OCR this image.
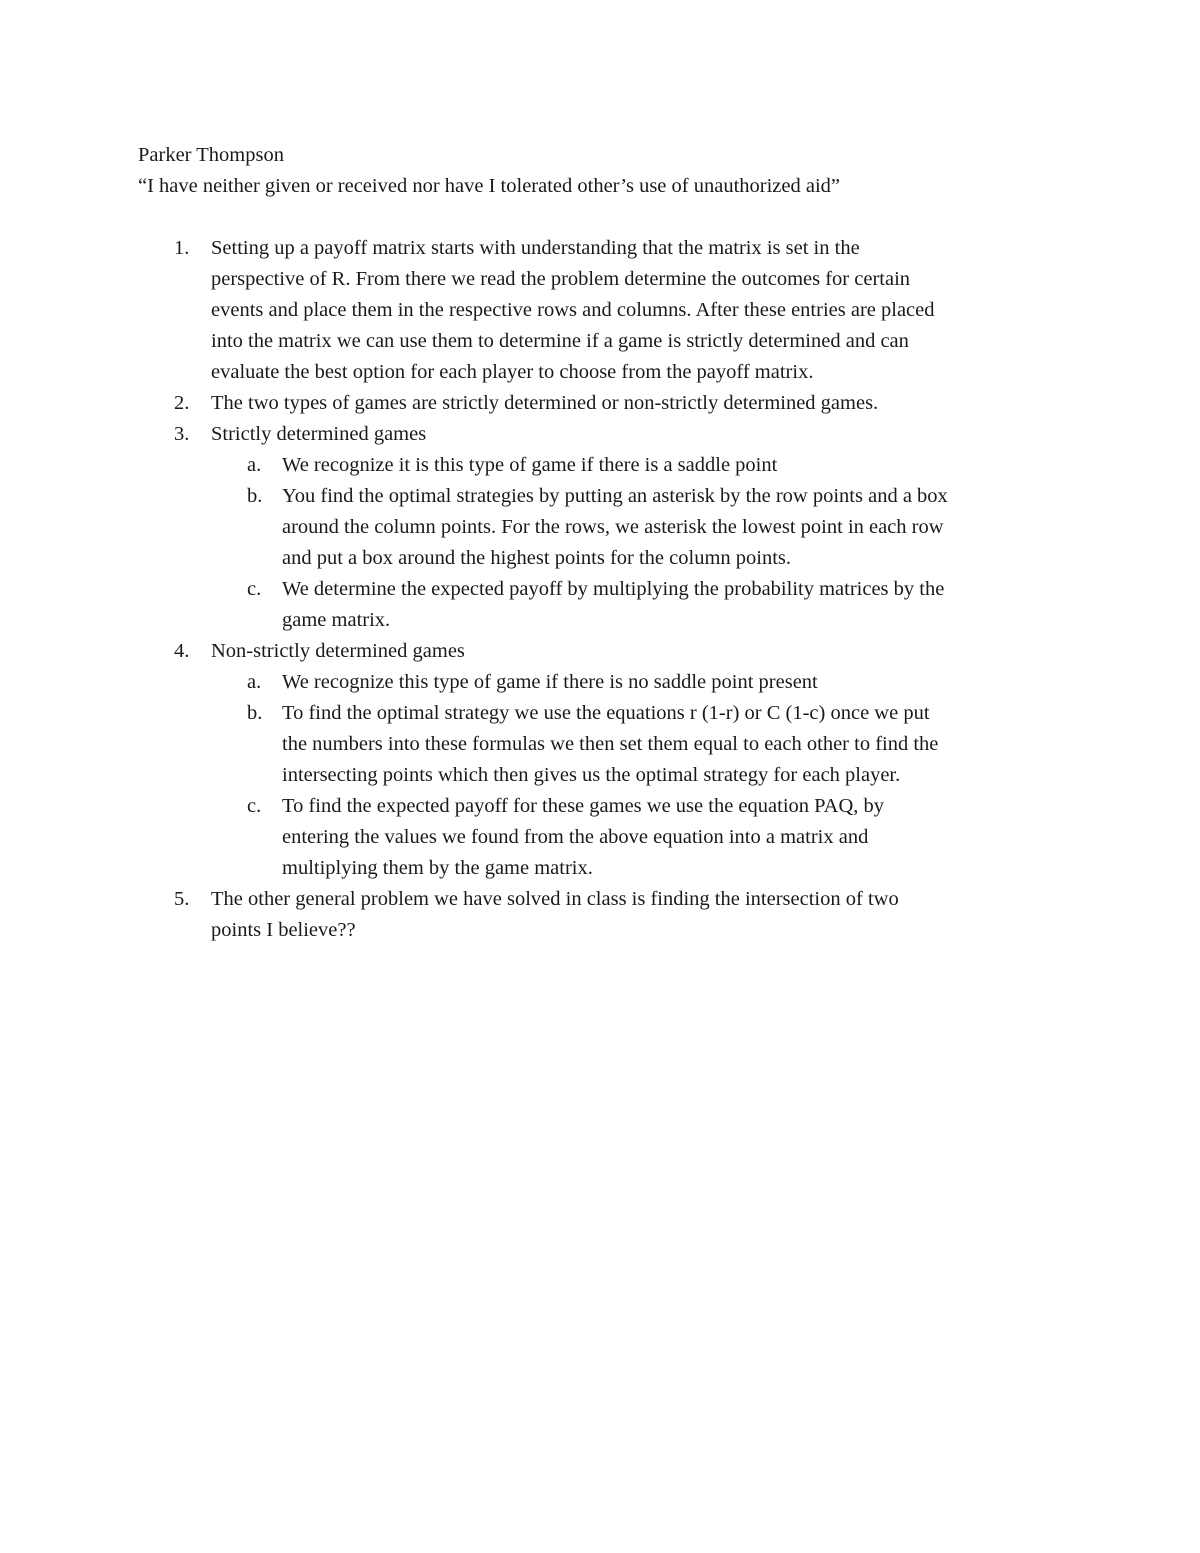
Parker Thompson
“I have neither given or received nor have I tolerated other’s use of unauthorized aid”
1. Setting up a payoff matrix starts with understanding that the matrix is set in the
perspective of R. From there we read the problem determine the outcomes for certain
events and place them in the respective rows and columns. After these entries are placed
into the matrix we can use them to determine if a game is strictly determined and can
evaluate the best option for each player to choose from the payoff matrix.
2. The two types of games are strictly determined or non-strictly determined games.
3. Strictly determined games
a. We recognize it is this type of game if there is a saddle point
b. You find the optimal strategies by putting an asterisk by the row points and a box
around the column points. For the rows, we asterisk the lowest point in each row
and put a box around the highest points for the column points.
c. We determine the expected payoff by multiplying the probability matrices by the
game matrix.
4. Non-strictly determined games
a. We recognize this type of game if there is no saddle point present
b. To find the optimal strategy we use the equations r (1-r) or C (1-c) once we put
the numbers into these formulas we then set them equal to each other to find the
intersecting points which then gives us the optimal strategy for each player.
c. To find the expected payoff for these games we use the equation PAQ, by
entering the values we found from the above equation into a matrix and
multiplying them by the game matrix.
5. The other general problem we have solved in class is finding the intersection of two
points I believe??
